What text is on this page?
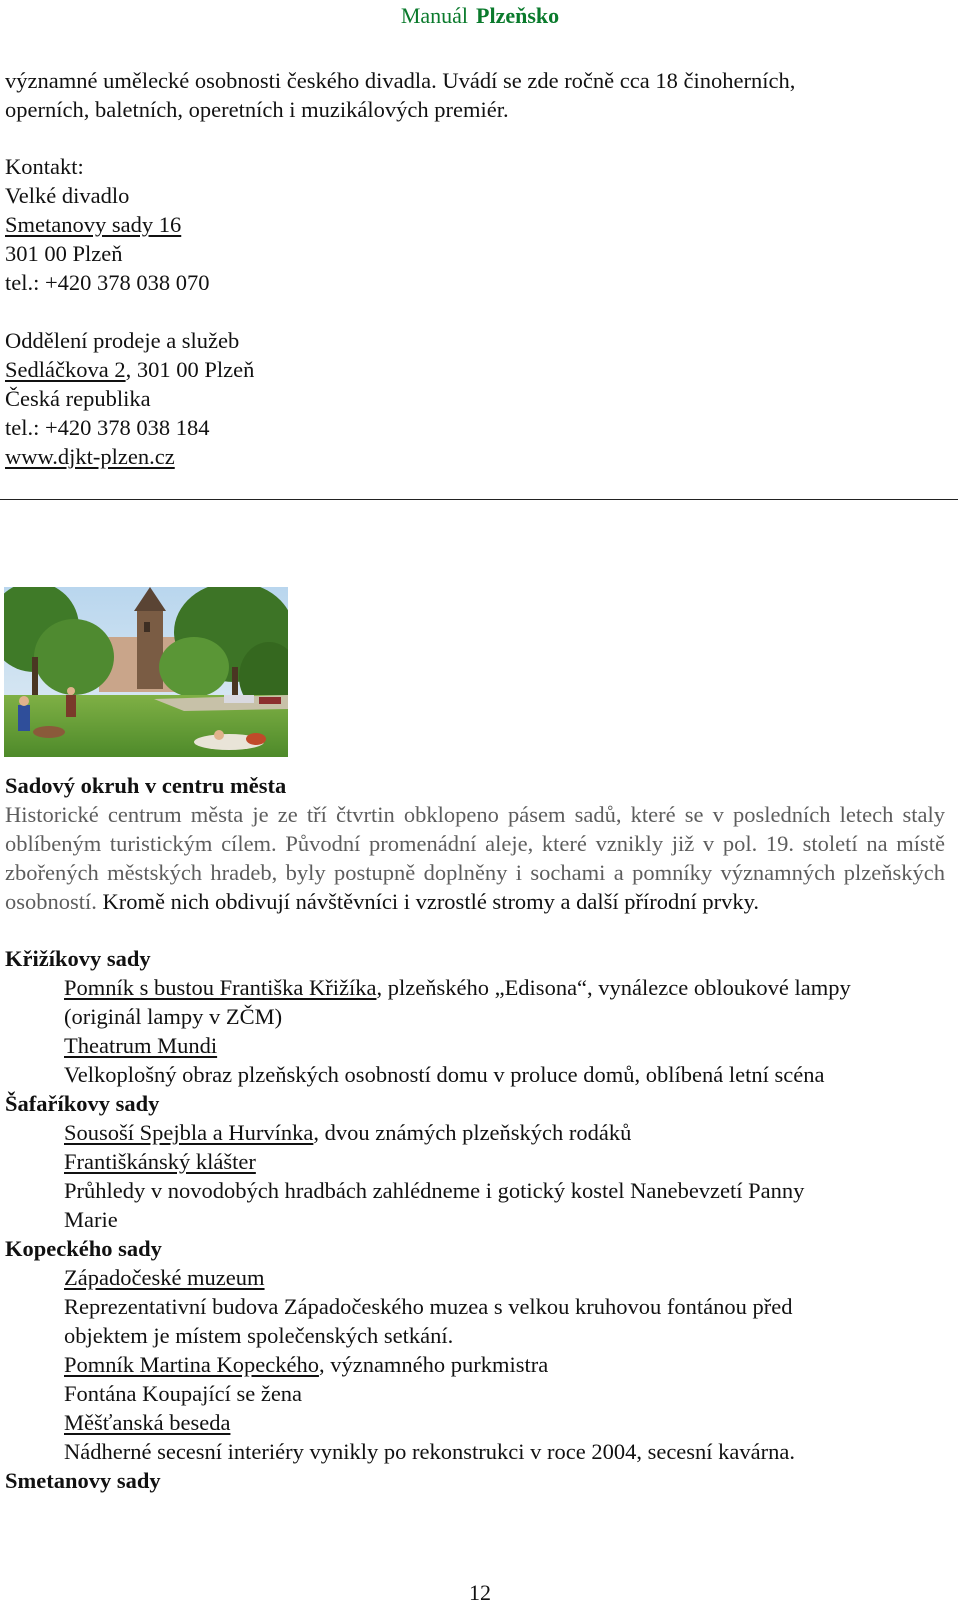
Manuál Plzeňsko
významné umělecké osobnosti českého divadla. Uvádí se zde ročně cca 18 činoherních,
operních, baletních, operetních i muzikálových premiér.
Kontakt:
Velké divadlo
Smetanovy sady 16
301 00 Plzeň
tel.: +420 378 038 070
Oddělení prodeje a služeb
Sedláčkova 2, 301 00 Plzeň
Česká republika
tel.: +420 378 038 184
www.djkt-plzen.cz
Sadový okruh v centru města
Historické centrum města je ze tří čtvrtin obklopeno pásem sadů, které se v posledních letech staly oblíbeným turistickým cílem. Původní promenádní aleje, které vznikly již v pol. 19. století na místě zbořených městských hradeb, byly postupně doplněny i sochami a pomníky významných plzeňských osobností. Kromě nich obdivují návštěvníci i vzrostlé stromy a další přírodní prvky.
Křižíkovy sady
Pomník s bustou Františka Křižíka, plzeňského „Edisona“, vynálezce obloukové lampy
(originál lampy v ZČM)
Theatrum Mundi
Velkoplošný obraz plzeňských osobností domu v proluce domů, oblíbená letní scéna
Šafaříkovy sady
Sousoší Spejbla a Hurvínka, dvou známých plzeňských rodáků
Františkánský klášter
Průhledy v novodobých hradbách zahlédneme i gotický kostel Nanebevzetí Panny
Marie
Kopeckého sady
Západočeské muzeum
Reprezentativní budova Západočeského muzea s velkou kruhovou fontánou před
objektem je místem společenských setkání.
Pomník Martina Kopeckého, významného purkmistra
Fontána Koupající se žena
Měšťanská beseda
Nádherné secesní interiéry vynikly po rekonstrukci v roce 2004, secesní kavárna.
Smetanovy sady
12
